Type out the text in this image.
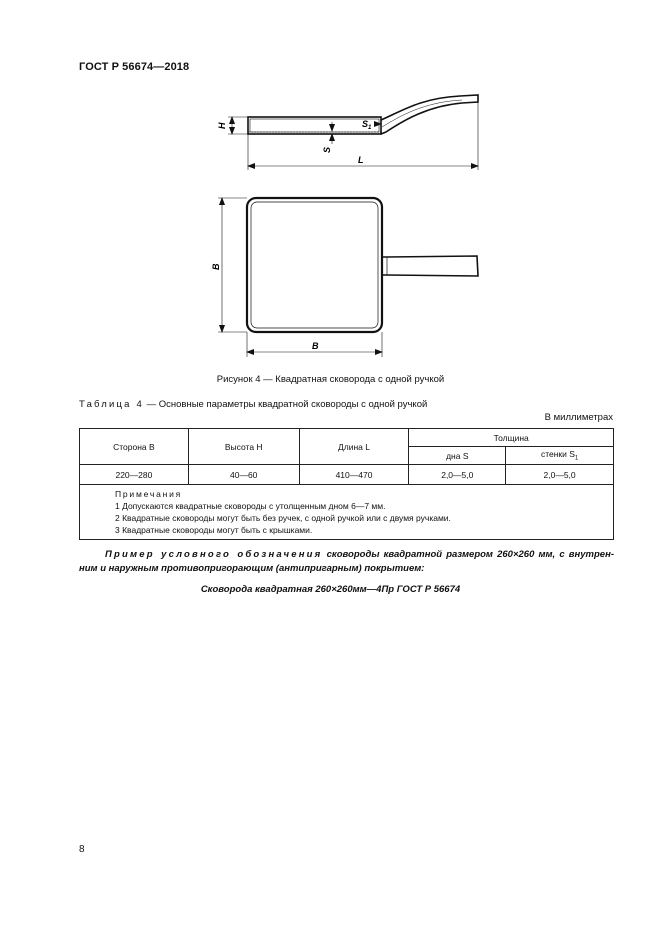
ГОСТ Р 56674—2018
H
S
$S_1$
L
B
B
Рисунок 4 — Квадратная сковорода с одной ручкой
Таблица 4 — Основные параметры квадратной сковороды с одной ручкой
В миллиметрах
Сторона B	Высота H	Длина L	Толщина	
			дна S	стенки $S_1$
220—280	40—60	410—470	2,0—5,0	2,0—5,0

Примечания
1 Допускаются квадратные сковороды с утолщенным дном 6—7 мм.
2 Квадратные сковороды могут быть без ручек, с одной ручкой или с двумя ручками.
3 Квадратные сковороды могут быть с крышками.				
Пример условного обозначения сковороды квадратной размером 260×260 мм, с внутрен-ним и наружным противопригорающим (антипригарным) покрытием:
Сковорода квадратная 260×260мм—4Пр ГОСТ Р 56674
8
